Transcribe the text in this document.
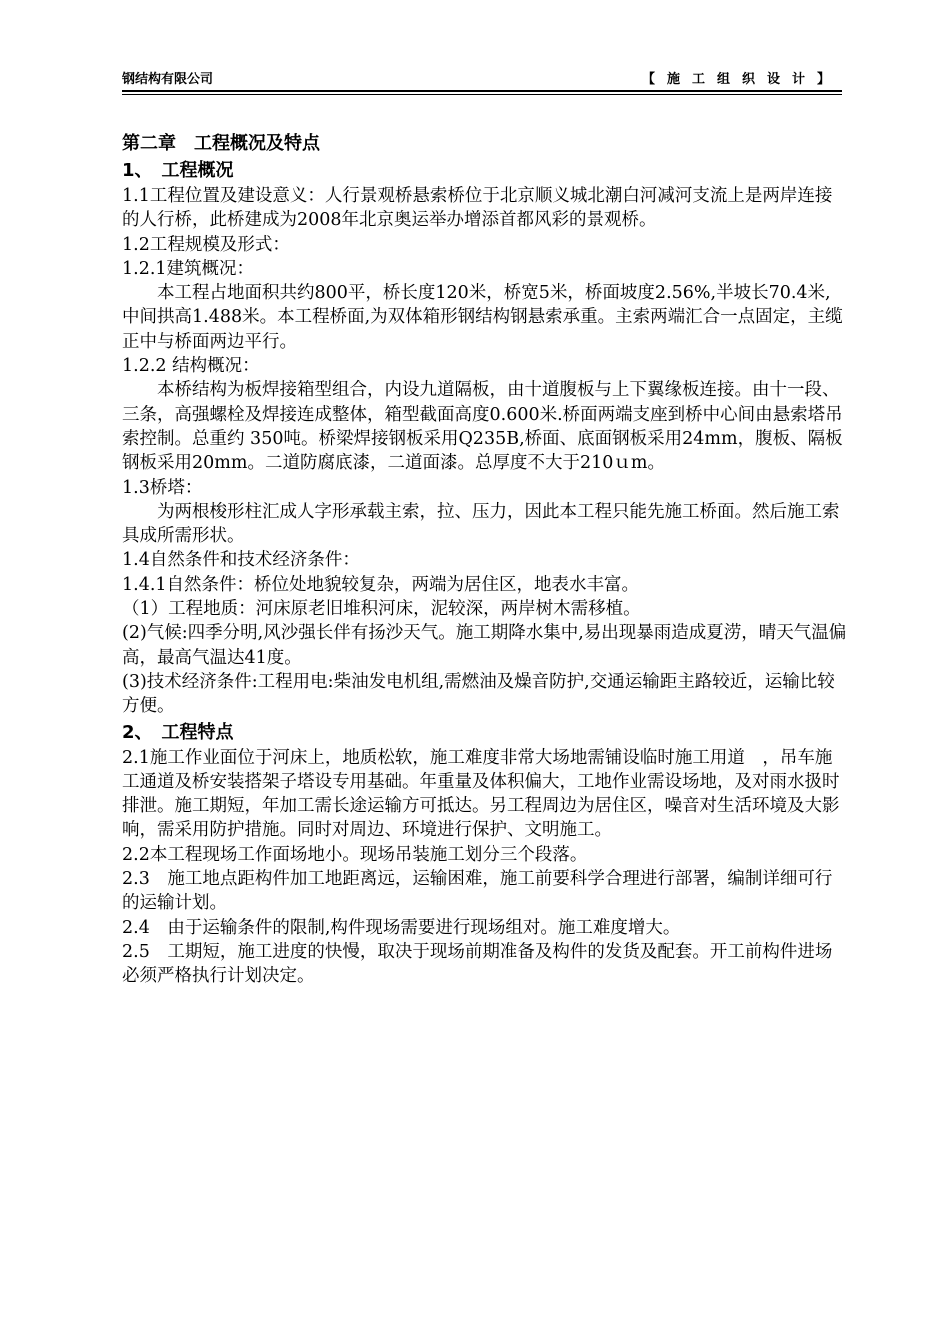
钢结构有限公司	【施工组织设计】

第二章　工程概况及特点

1、　工程概况

1.1工程位置及建设意义：人行景观桥悬索桥位于北京顺义城北潮白河减河支流上是两岸连接的人行桥，此桥建成为2008年北京奥运举办增添首都风彩的景观桥。

1.2工程规模及形式：

1.2.1建筑概况：

本工程占地面积共约800平，桥长度120米，桥宽5米，桥面坡度2.56%,半坡长70.4米,中间拱高1.488米。本工程桥面,为双体箱形钢结构钢悬索承重。主索两端汇合一点固定，主缆正中与桥面两边平行。

1.2.2 结构概况：

本桥结构为板焊接箱型组合，内设九道隔板，由十道腹板与上下翼缘板连接。由十一段、三条，高强螺栓及焊接连成整体，箱型截面高度0.600米.桥面两端支座到桥中心间由悬索塔吊索控制。总重约 350吨。桥梁焊接钢板采用Q235B,桥面、底面钢板采用24mm，腹板、隔板钢板采用20mm。二道防腐底漆，二道面漆。总厚度不大于210ｕm。

1.3桥塔：

为两根梭形柱汇成人字形承载主索，拉、压力，因此本工程只能先施工桥面。然后施工索具成所需形状。

1.4自然条件和技术经济条件：

1.4.1自然条件：桥位处地貌较复杂，两端为居住区，地表水丰富。

（1）工程地质：河床原老旧堆积河床，泥较深，两岸树木需移植。

(2)气候:四季分明,风沙强长伴有扬沙天气。施工期降水集中,易出现暴雨造成夏涝，晴天气温偏高，最高气温达41度。

(3)技术经济条件:工程用电:柴油发电机组,需燃油及燥音防护,交通运输距主路较近，运输比较方便。

2、　工程特点

2.1施工作业面位于河床上，地质松软，施工难度非常大场地需铺设临时施工用道　，吊车施工通道及桥安装搭架子塔设专用基础。年重量及体积偏大，工地作业需设场地，及对雨水扱时排泄。施工期短，年加工需长途运输方可抵达。另工程周边为居住区，噪音对生活环境及大影响，需采用防护措施。同时对周边、环境进行保护、文明施工。

2.2本工程现场工作面场地小。现场吊装施工划分三个段落。

2.3　施工地点距构件加工地距离远，运输困难，施工前要科学合理进行部署，编制详细可行的运输计划。

2.4　由于运输条件的限制,构件现场需要进行现场组对。施工难度增大。

2.5　工期短，施工进度的快慢，取决于现场前期准备及构件的发货及配套。开工前构件进场必须严格执行计划决定。
